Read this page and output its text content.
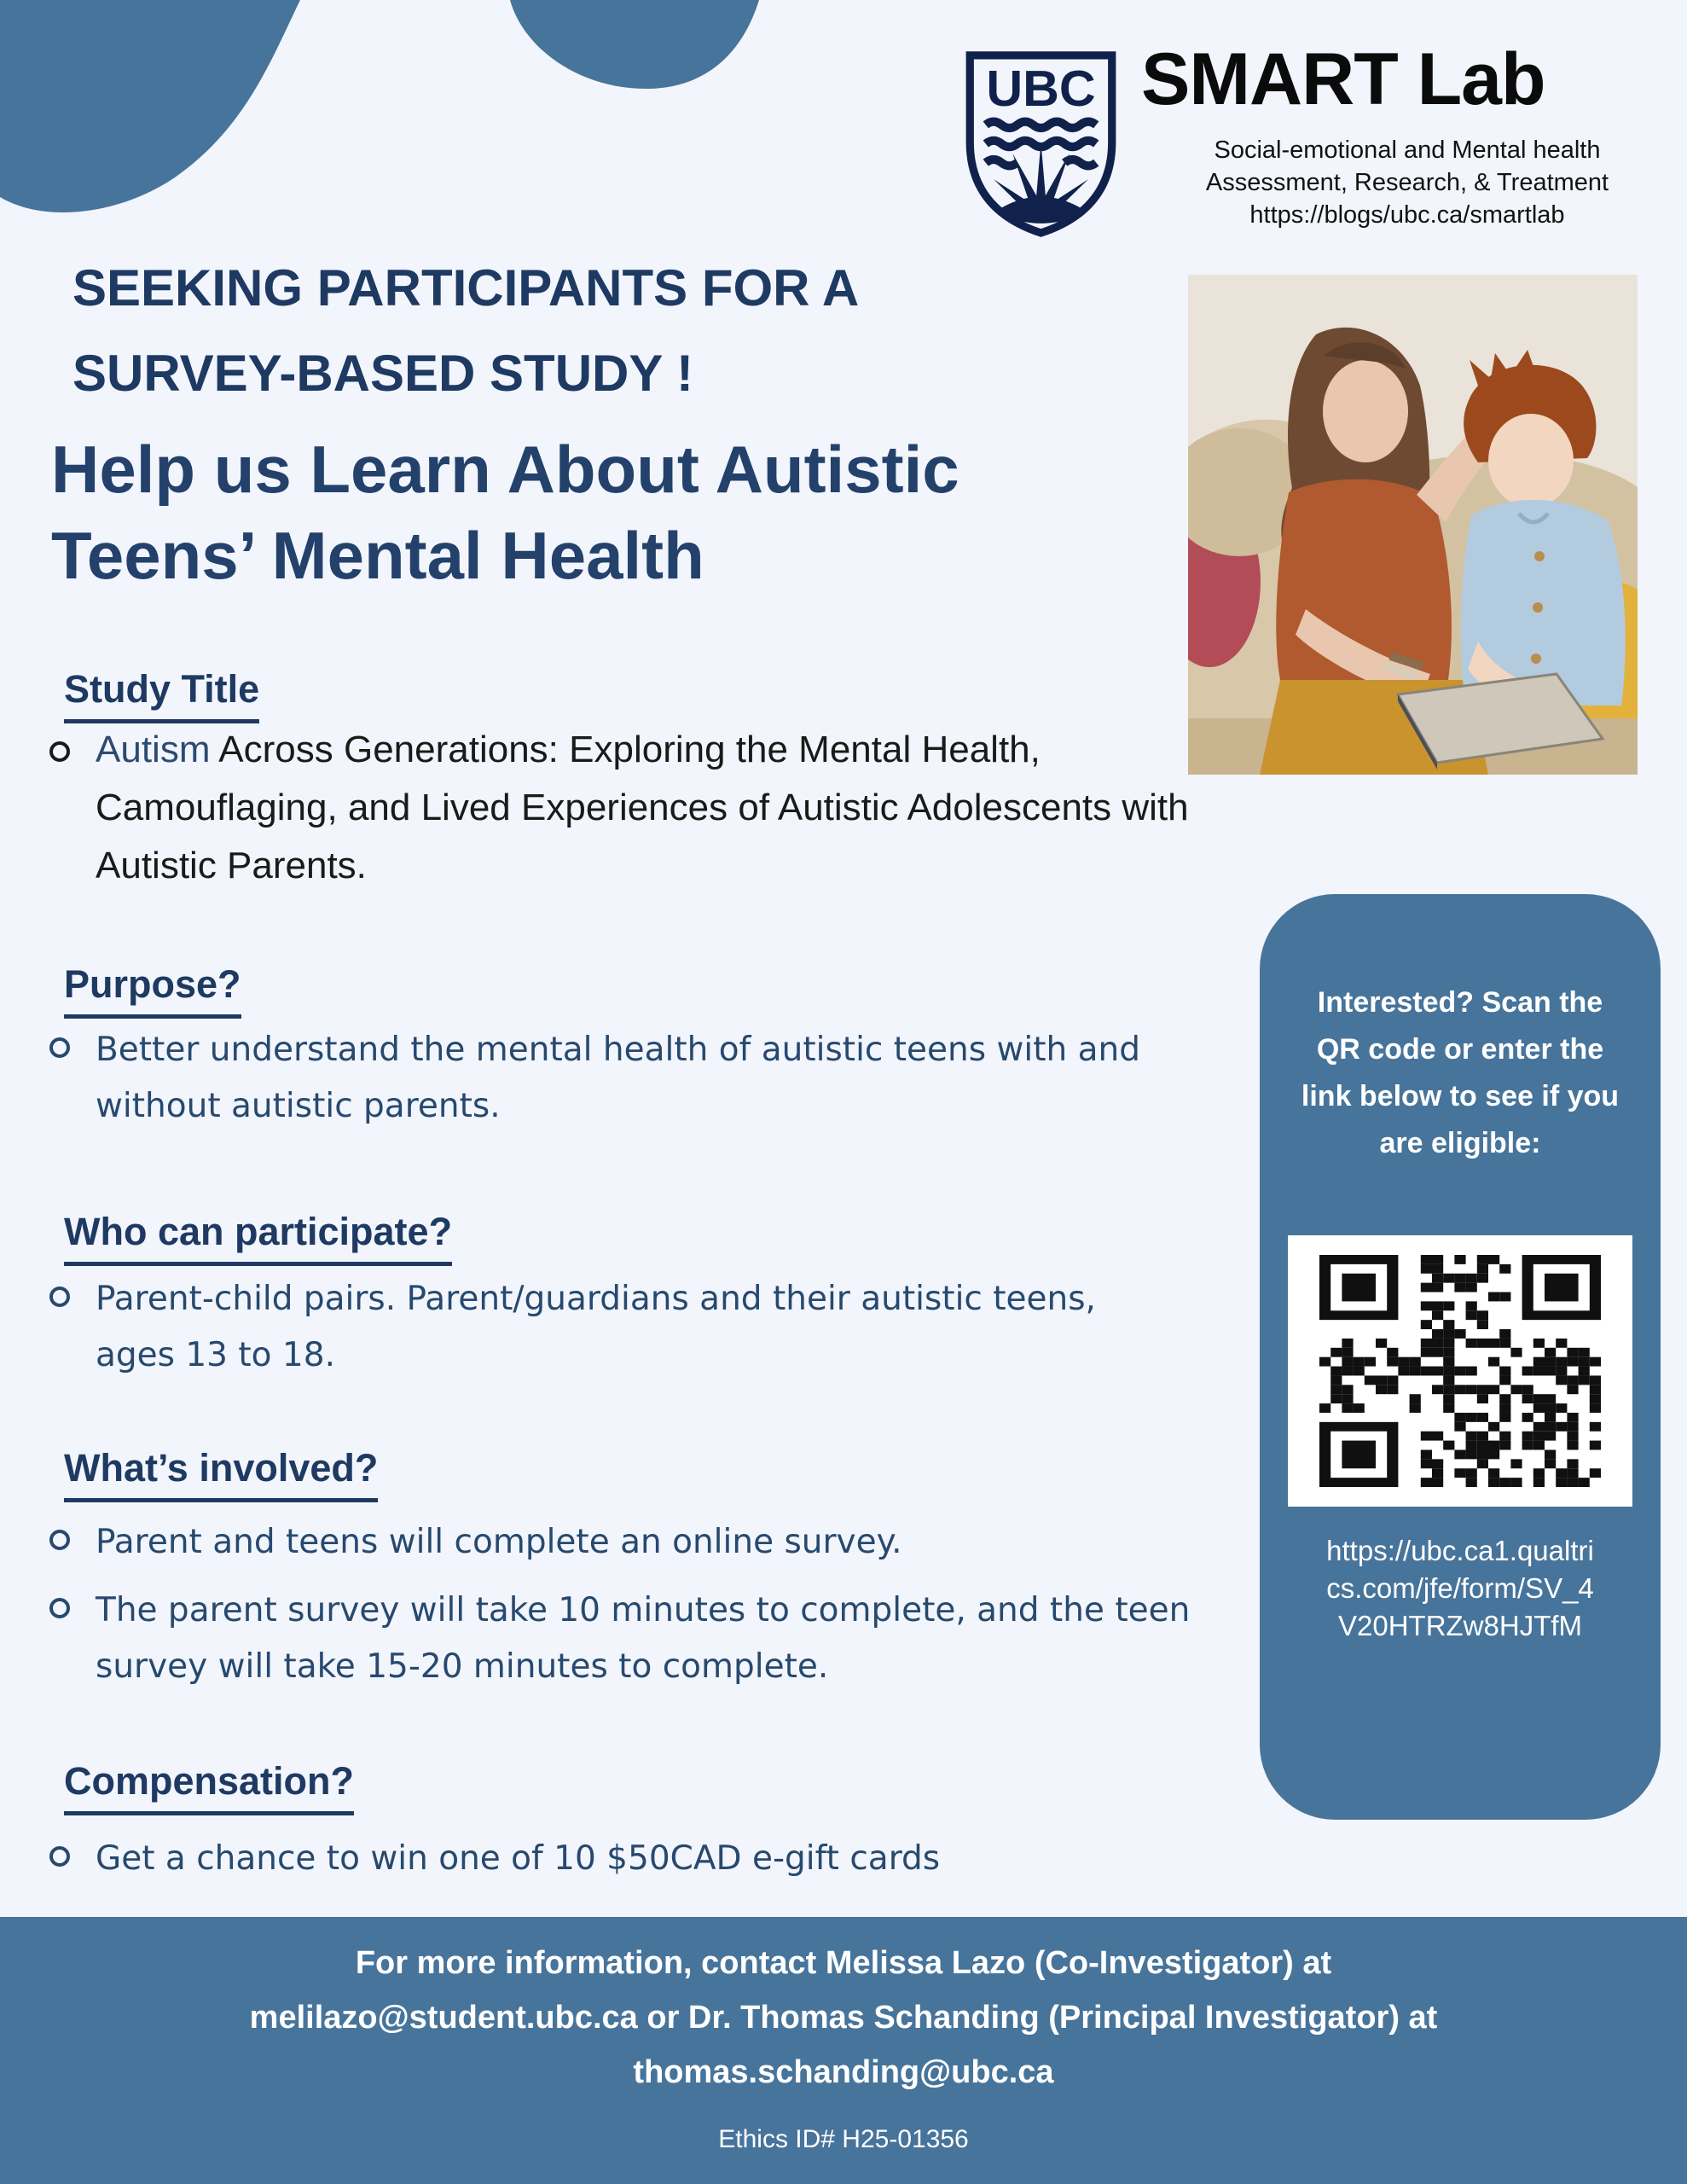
UBC SMART Lab
Social-emotional and Mental health
Assessment, Research, & Treatment
https://blogs/ubc.ca/smartlab
SEEKING PARTICIPANTS FOR A
SURVEY-BASED STUDY !
Help us Learn About Autistic
Teens’ Mental Health
Study Title
Autism Across Generations: Exploring the Mental Health, Camouflaging, and Lived Experiences of Autistic Adolescents with Autistic Parents.
Purpose?
Better understand the mental health of autistic teens with and without autistic parents.
Who can participate?
Parent-child pairs. Parent/guardians and their autistic teens, ages 13 to 18.
What’s involved?
Parent and teens will complete an online survey.
The parent survey will take 10 minutes to complete, and the teen survey will take 15-20 minutes to complete.
Compensation?
Get a chance to win one of 10 $50CAD e-gift cards
Interested? Scan the QR code or enter the link below to see if you are eligible:
https://ubc.ca1.qualtri
cs.com/jfe/form/SV_4
V20HTRZw8HJTfM
For more information, contact Melissa Lazo (Co-Investigator) at
melilazo@student.ubc.ca or Dr. Thomas Schanding (Principal Investigator) at
thomas.schanding@ubc.ca
Ethics ID# H25-01356
